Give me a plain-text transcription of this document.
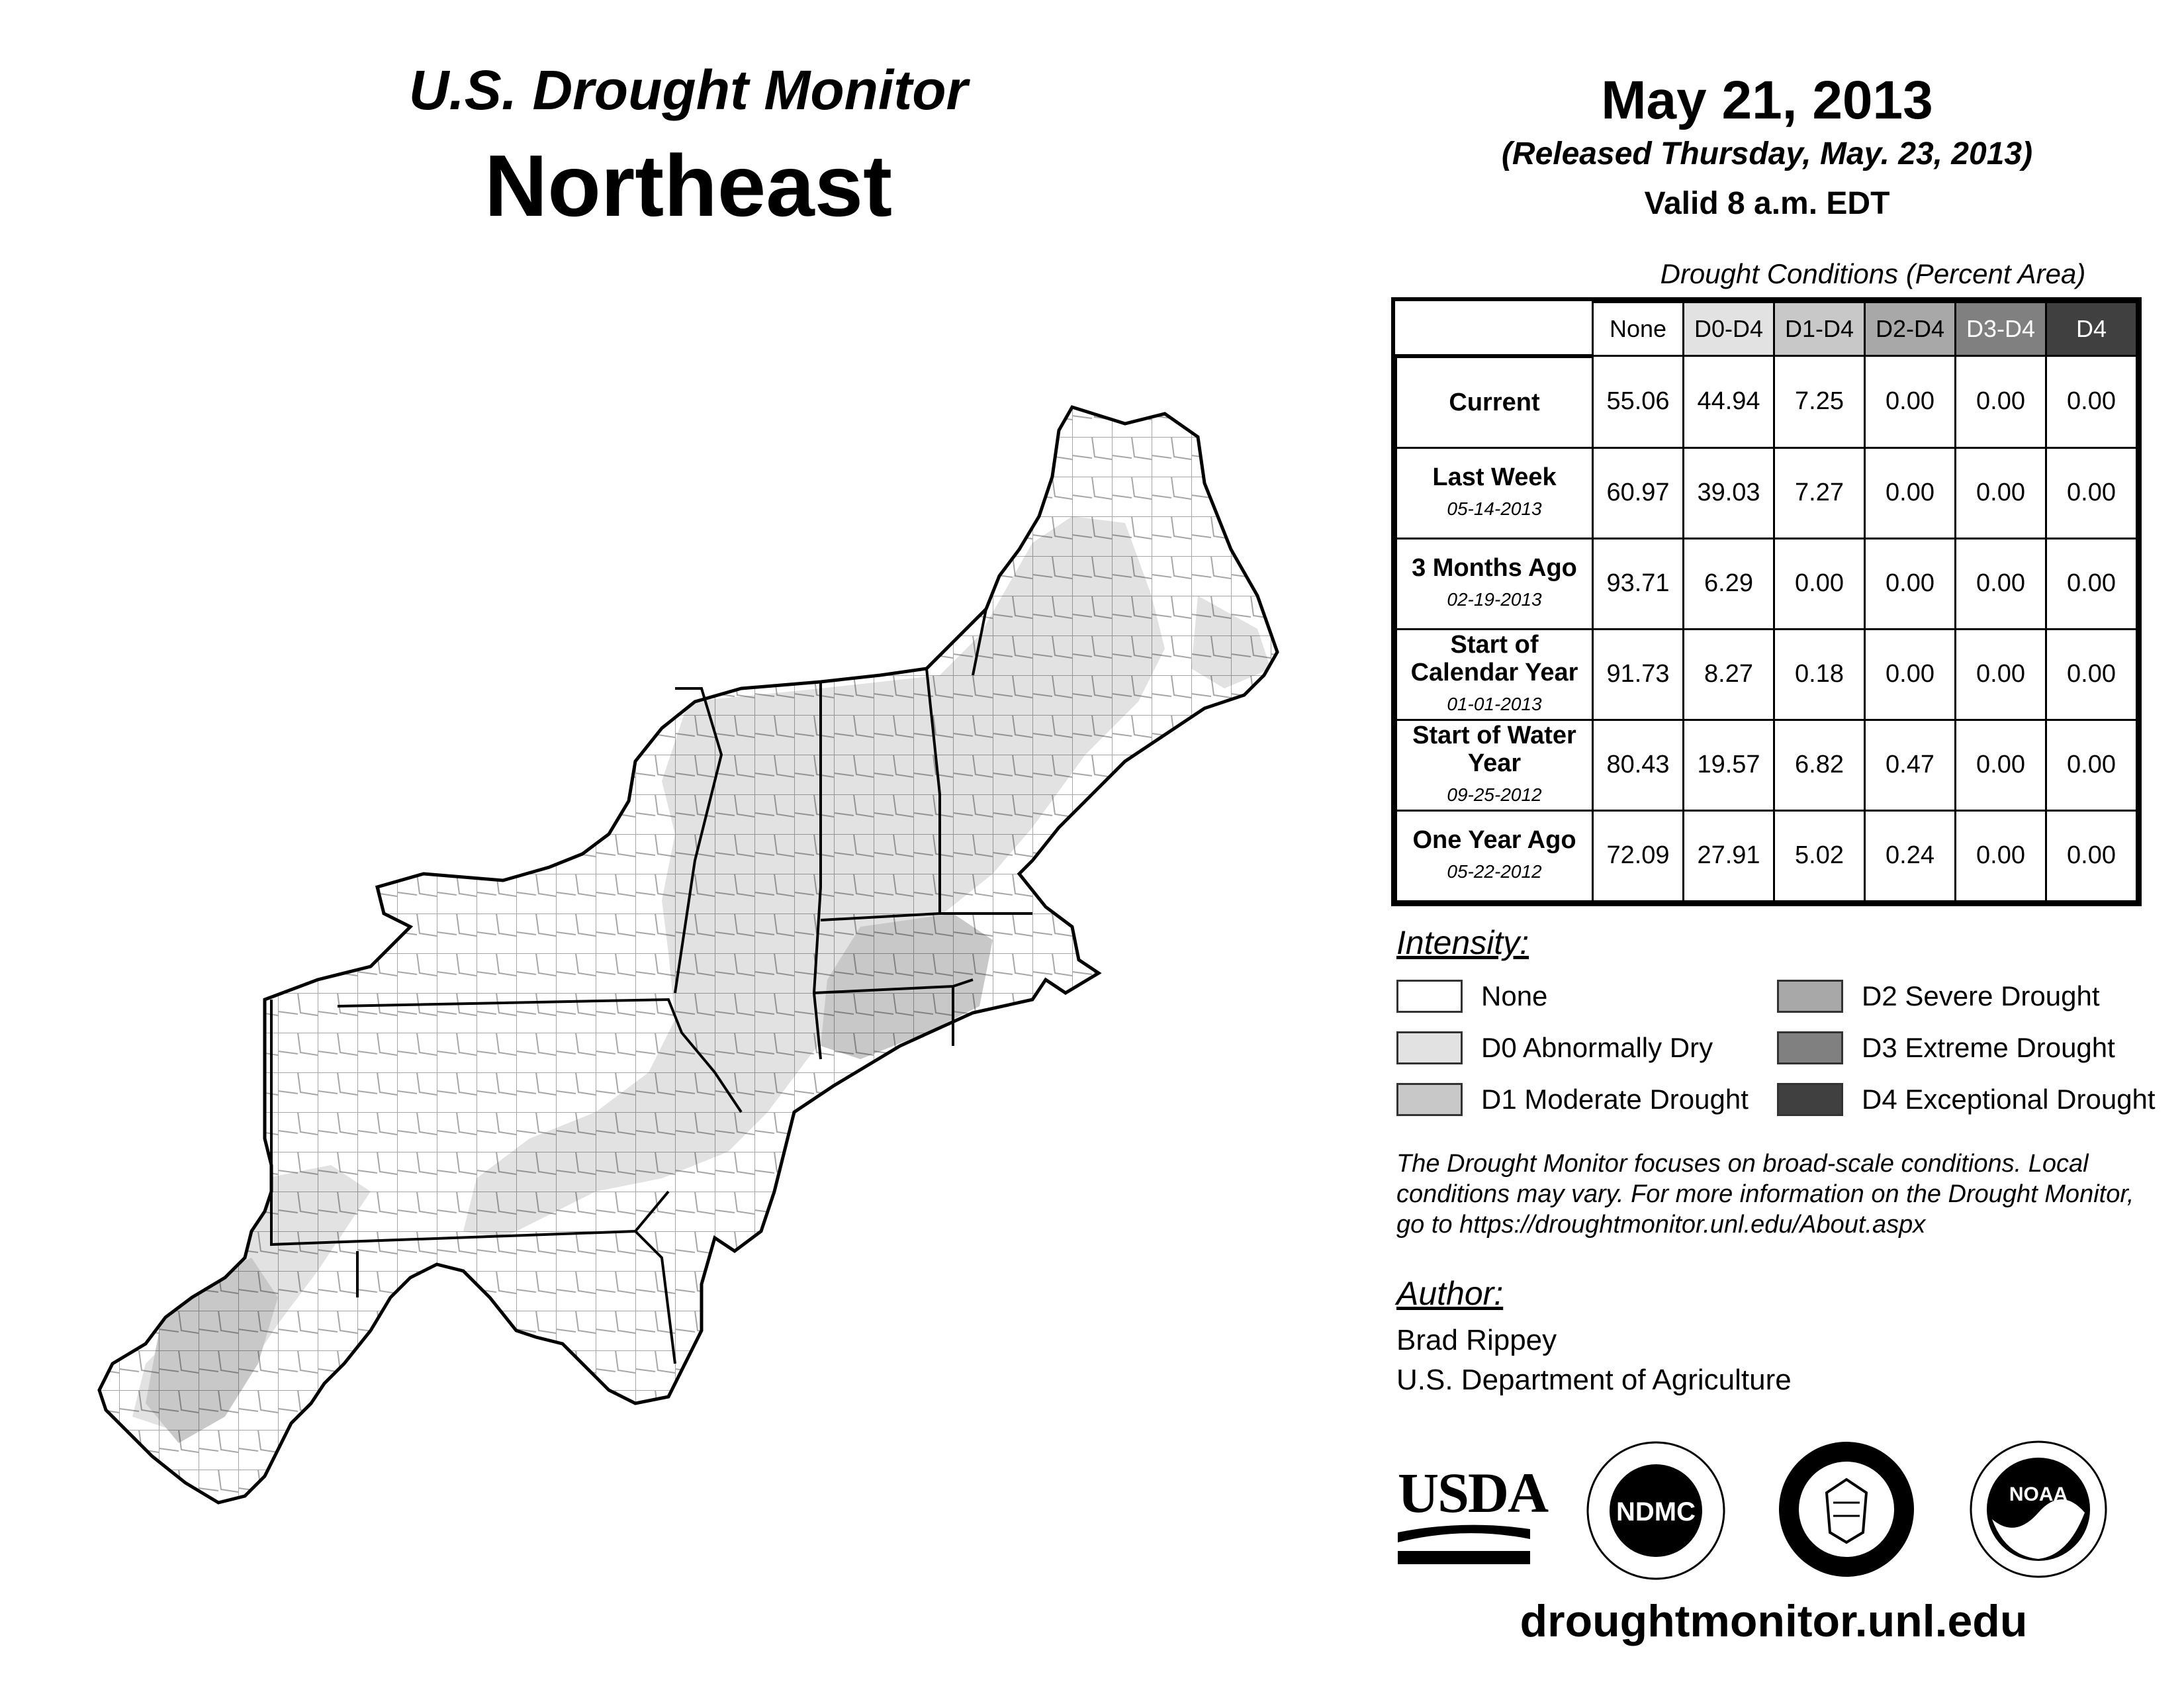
U.S. Drought Monitor
Northeast
May 21, 2013
(Released Thursday, May. 23, 2013)
Valid 8 a.m. EDT
Drought Conditions (Percent Area)
	None	D0-D4	D1-D4	D2-D4	D3-D4	D4
Current	55.06	44.94	7.25	0.00	0.00	0.00
Last Week
05-14-2013	60.97	39.03	7.27	0.00	0.00	0.00
3 Months Ago
02-19-2013	93.71	6.29	0.00	0.00	0.00	0.00
Start of Calendar Year
01-01-2013	91.73	8.27	0.18	0.00	0.00	0.00
Start of Water Year
09-25-2012	80.43	19.57	6.82	0.47	0.00	0.00
One Year Ago
05-22-2012	72.09	27.91	5.02	0.24	0.00	0.00
Intensity:
None
D0 Abnormally Dry
D1 Moderate Drought
D2 Severe Drought
D3 Extreme Drought
D4 Exceptional Drought
The Drought Monitor focuses on broad-scale conditions. Local conditions may vary. For more information on the Drought Monitor, go to https://droughtmonitor.unl.edu/About.aspx
Author:
Brad Rippey
U.S. Department of Agriculture
USDA	NDMC
NOAA
droughtmonitor.unl.edu
